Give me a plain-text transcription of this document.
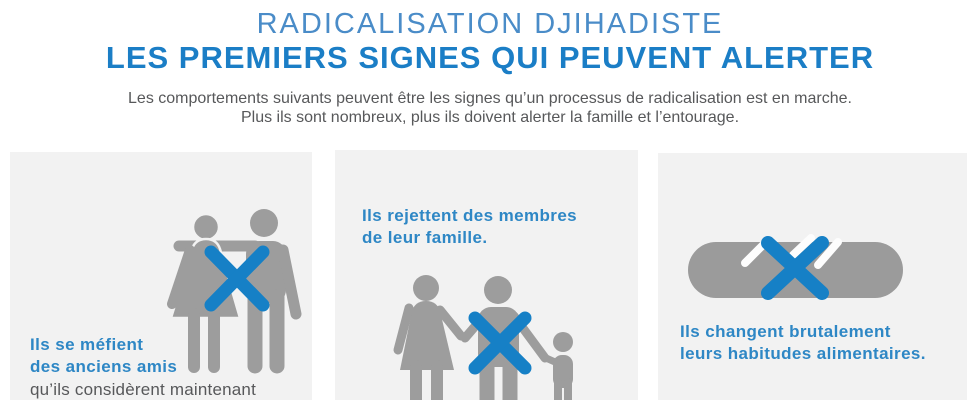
RADICALISATION DJIHADISTE
LES PREMIERS SIGNES QUI PEUVENT ALERTER
Les comportements suivants peuvent être les signes qu’un processus de radicalisation est en marche.
Plus ils sont nombreux, plus ils doivent alerter la famille et l’entourage.
Ils se méfient
des anciens amis
qu’ils considèrent maintenant
Ils rejettent des membres
de leur famille.
Ils changent brutalement
leurs habitudes alimentaires.
